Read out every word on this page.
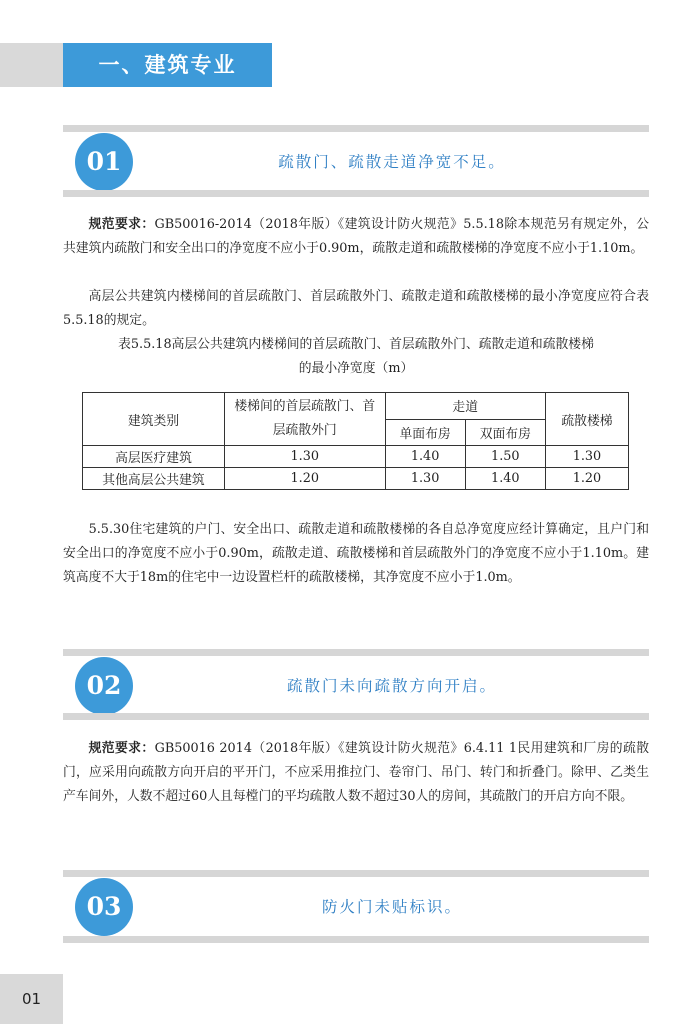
一、建筑专业
01	疏散门、疏散走道净宽不足。

规范要求：GB50016-2014（2018年版）《建筑设计防火规范》5.5.18除本规范另有规定外，公共建筑内疏散门和安全出口的净宽度不应小于0.90m，疏散走道和疏散楼梯的净宽度不应小于1.10m。

高层公共建筑内楼梯间的首层疏散门、首层疏散外门、疏散走道和疏散楼梯的最小净宽度应符合表5.5.18的规定。

表5.5.18高层公共建筑内楼梯间的首层疏散门、首层疏散外门、疏散走道和疏散楼梯

的最小净宽度（m）

建筑类别	楼梯间的首层疏散门、首层疏散外门	走道		疏散楼梯
		单面布房	双面布房	
高层医疗建筑	1.30	1.40	1.50	1.30
其他高层公共建筑	1.20	1.30	1.40	1.20

5.5.30住宅建筑的户门、安全出口、疏散走道和疏散楼梯的各自总净宽度应经计算确定，且户门和安全出口的净宽度不应小于0.90m，疏散走道、疏散楼梯和首层疏散外门的净宽度不应小于1.10m。建筑高度不大于18m的住宅中一边设置栏杆的疏散楼梯，其净宽度不应小于1.0m。

02	疏散门未向疏散方向开启。

规范要求：GB50016 2014（2018年版）《建筑设计防火规范》6.4.11 1民用建筑和厂房的疏散门，应采用向疏散方向开启的平开门，不应采用推拉门、卷帘门、吊门、转门和折叠门。除甲、乙类生产车间外，人数不超过60人且每樘门的平均疏散人数不超过30人的房间，其疏散门的开启方向不限。

03	防火门未贴标识。
01
